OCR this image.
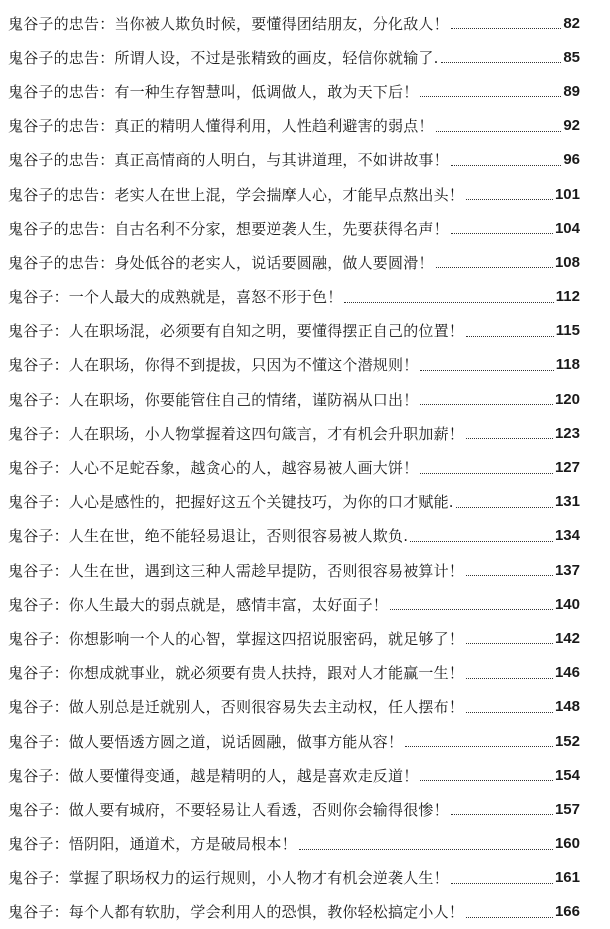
鬼谷子的忠告：当你被人欺负时候，要懂得团结朋友，分化敌人！	82
鬼谷子的忠告：所谓人设，不过是张精致的画皮，轻信你就输了.	85
鬼谷子的忠告：有一种生存智慧叫，低调做人，敢为天下后！	89
鬼谷子的忠告：真正的精明人懂得利用，人性趋利避害的弱点！	92
鬼谷子的忠告：真正高情商的人明白，与其讲道理，不如讲故事！	96
鬼谷子的忠告：老实人在世上混，学会揣摩人心，才能早点熬出头！	101
鬼谷子的忠告：自古名利不分家，想要逆袭人生，先要获得名声！	104
鬼谷子的忠告：身处低谷的老实人，说话要圆融，做人要圆滑！	108
鬼谷子：一个人最大的成熟就是，喜怒不形于色！	112
鬼谷子：人在职场混，必须要有自知之明，要懂得摆正自己的位置！	115
鬼谷子：人在职场，你得不到提拔，只因为不懂这个潜规则！	118
鬼谷子：人在职场，你要能管住自己的情绪，谨防祸从口出！	120
鬼谷子：人在职场，小人物掌握着这四句箴言，才有机会升职加薪！	123
鬼谷子：人心不足蛇吞象，越贪心的人，越容易被人画大饼！	127
鬼谷子：人心是感性的，把握好这五个关键技巧，为你的口才赋能.	131
鬼谷子：人生在世，绝不能轻易退让，否则很容易被人欺负.	134
鬼谷子：人生在世，遇到这三种人需趁早提防，否则很容易被算计！	137
鬼谷子：你人生最大的弱点就是，感情丰富，太好面子！	140
鬼谷子：你想影响一个人的心智，掌握这四招说服密码，就足够了！	142
鬼谷子：你想成就事业，就必须要有贵人扶持，跟对人才能赢一生！	146
鬼谷子：做人别总是迁就别人，否则很容易失去主动权，任人摆布！	148
鬼谷子：做人要悟透方圆之道，说话圆融，做事方能从容！	152
鬼谷子：做人要懂得变通，越是精明的人，越是喜欢走反道！	154
鬼谷子：做人要有城府，不要轻易让人看透，否则你会输得很惨！	157
鬼谷子：悟阴阳，通道术，方是破局根本！	160
鬼谷子：掌握了职场权力的运行规则，小人物才有机会逆袭人生！	161
鬼谷子：每个人都有软肋，学会利用人的恐惧，教你轻松搞定小人！	166
